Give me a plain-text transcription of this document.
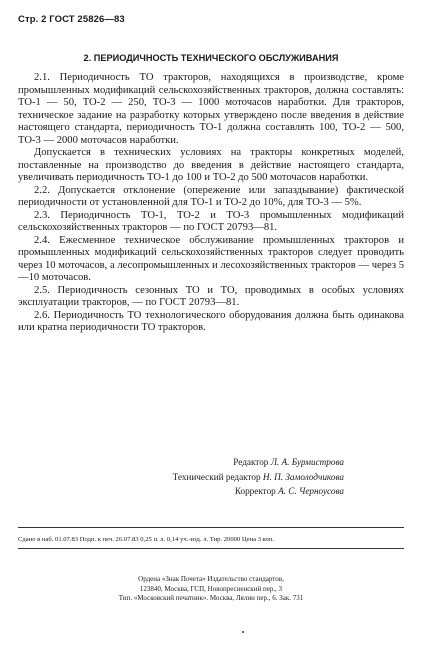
Стр. 2 ГОСТ 25826—83
2. ПЕРИОДИЧНОСТЬ ТЕХНИЧЕСКОГО ОБСЛУЖИВАНИЯ

2.1. Периодичность ТО тракторов, находящихся в производстве, кроме промышленных модификаций сельскохозяйственных тракторов, должна составлять: ТО-1 — 50, ТО-2 — 250, ТО-3 — 1000 моточасов наработки. Для тракторов, техническое задание на разработку которых утверждено после введения в действие настоящего стандарта, периодичность ТО-1 должна составлять 100, ТО-2 — 500, ТО-3 — 2000 моточасов наработки.

Допускается в технических условиях на тракторы конкретных моделей, поставленные на производство до введения в действие настоящего стандарта, увеличивать периодичность ТО-1 до 100 и ТО-2 до 500 моточасов наработки.

2.2. Допускается отклонение (опережение или запаздывание) фактической периодичности от установленной для ТО-1 и ТО-2 до 10%, для ТО-3 — 5%.

2.3. Периодичность ТО-1, ТО-2 и ТО-3 промышленных модификаций сельскохозяйственных тракторов — по ГОСТ 20793—81.

2.4. Ежесменное техническое обслуживание промышленных тракторов и промышленных модификаций сельскохозяйственных тракторов следует проводить через 10 моточасов, а лесопромышленных и лесохозяйственных тракторов — через 5—10 моточасов.

2.5. Периодичность сезонных ТО и ТО, проводимых в особых условиях эксплуатации тракторов, — по ГОСТ 20793—81.

2.6. Периодичность ТО технологического оборудования должна быть одинакова или кратна периодичности ТО тракторов.

Редактор Л. А. Бурмистрова
Технический редактор Н. П. Замолодчикова
Корректор А. С. Черноусова
Сдано в наб. 01.07.83 Подп. к печ. 26.07.83 0,25 п. л. 0,14 уч.-изд. л. Тир. 20000 Цена 3 коп.
Ордена «Знак Почета» Издательство стандартов,
123840, Москва, ГСП, Новопресненский пер., 3
Тип. «Московский печатник». Москва, Лялин пер., 6. Зак. 731
